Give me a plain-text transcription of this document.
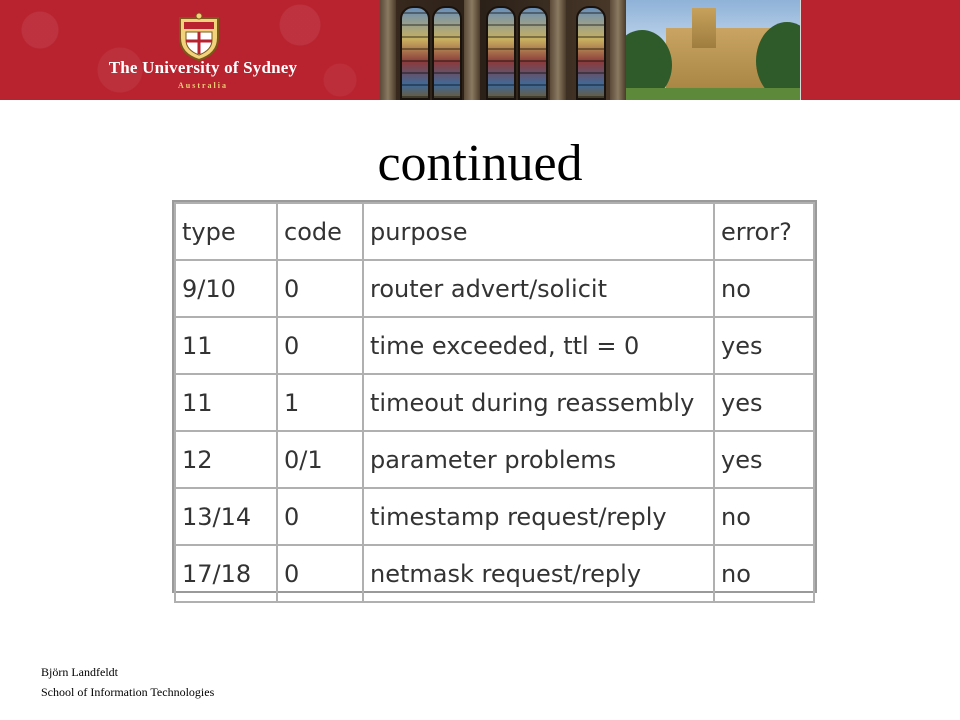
The University of Sydney
Australia
continued
type	code	purpose	error?
9/10	0	router advert/solicit	no
11	0	time exceeded, ttl = 0	yes
11	1	timeout during reassembly	yes
12	0/1	parameter problems	yes
13/14	0	timestamp request/reply	no
17/18	0	netmask request/reply	no
Björn Landfeldt
School of Information Technologies
